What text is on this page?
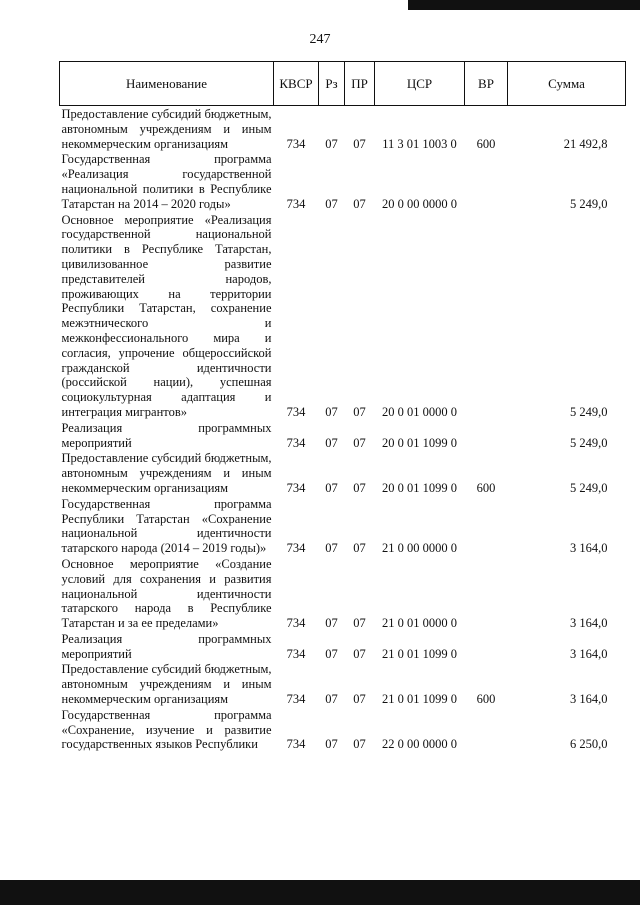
247
Наименование	КВСР	Рз	ПР	ЦСР	ВР	Сумма
Предоставление субсидий бюджетным, автономным учреждениям и иным некоммерческим организациям	734	07	07	11 3 01 1003 0	600	21 492,8
Государственная программа «Реализация государственной национальной политики в Республике Татарстан на 2014 – 2020 годы»	734	07	07	20 0 00 0000 0		5 249,0
Основное мероприятие «Реализация государственной национальной политики в Республике Татарстан, цивилизованное развитие представителей народов, проживающих на территории Республики Татарстан, сохранение межэтнического и межконфессионального мира и согласия, упрочение общероссийской гражданской идентичности (российской нации), успешная социокультурная адаптация и интеграция мигрантов»	734	07	07	20 0 01 0000 0		5 249,0
Реализация программных мероприятий	734	07	07	20 0 01 1099 0		5 249,0
Предоставление субсидий бюджетным, автономным учреждениям и иным некоммерческим организациям	734	07	07	20 0 01 1099 0	600	5 249,0
Государственная программа Республики Татарстан «Сохранение национальной идентичности татарского народа (2014 – 2019 годы)»	734	07	07	21 0 00 0000 0		3 164,0
Основное мероприятие «Создание условий для сохранения и развития национальной идентичности татарского народа в Республике Татарстан и за ее пределами»	734	07	07	21 0 01 0000 0		3 164,0
Реализация программных мероприятий	734	07	07	21 0 01 1099 0		3 164,0
Предоставление субсидий бюджетным, автономным учреждениям и иным некоммерческим организациям	734	07	07	21 0 01 1099 0	600	3 164,0
Государственная программа «Сохранение, изучение и развитие государственных языков Республики	734	07	07	22 0 00 0000 0		6 250,0
